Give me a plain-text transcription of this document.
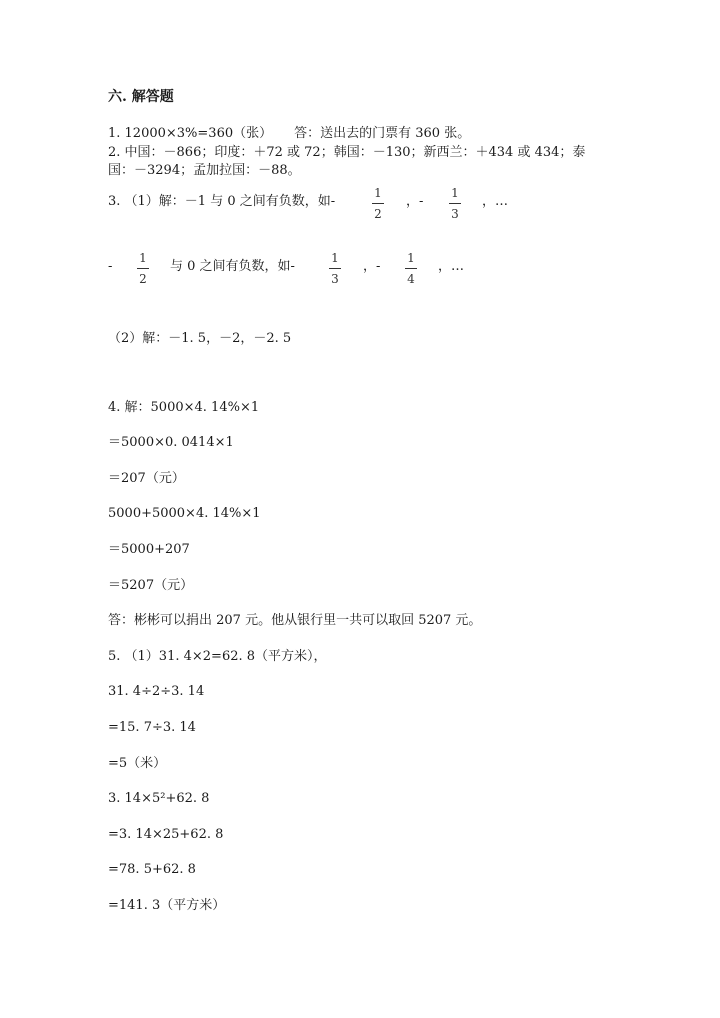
六. 解答题
1. 12000×3%=360（张） 答：送出去的门票有 360 张。
2. 中国：－866；印度：＋72 或 72；韩国：－130；新西兰：＋434 或 434；泰
国：－3294；孟加拉国：－88。
3. （1）解：－1 与 0 之间有负数，如-
1
2
，-
1
3
，…
-
1
2
与 0 之间有负数，如-
1
3
，-
1
4
，…
（2）解：－1. 5，－2，－2. 5
4. 解：5000×4. 14%×1
＝5000×0. 0414×1
＝207（元）
5000+5000×4. 14%×1
＝5000+207
＝5207（元）
答：彬彬可以捐出 207 元。他从银行里一共可以取回 5207 元。
5. （1）31. 4×2=62. 8（平方米），
31. 4÷2÷3. 14
=15. 7÷3. 14
=5（米）
3. 14×5²+62. 8
=3. 14×25+62. 8
=78. 5+62. 8
=141. 3（平方米）
